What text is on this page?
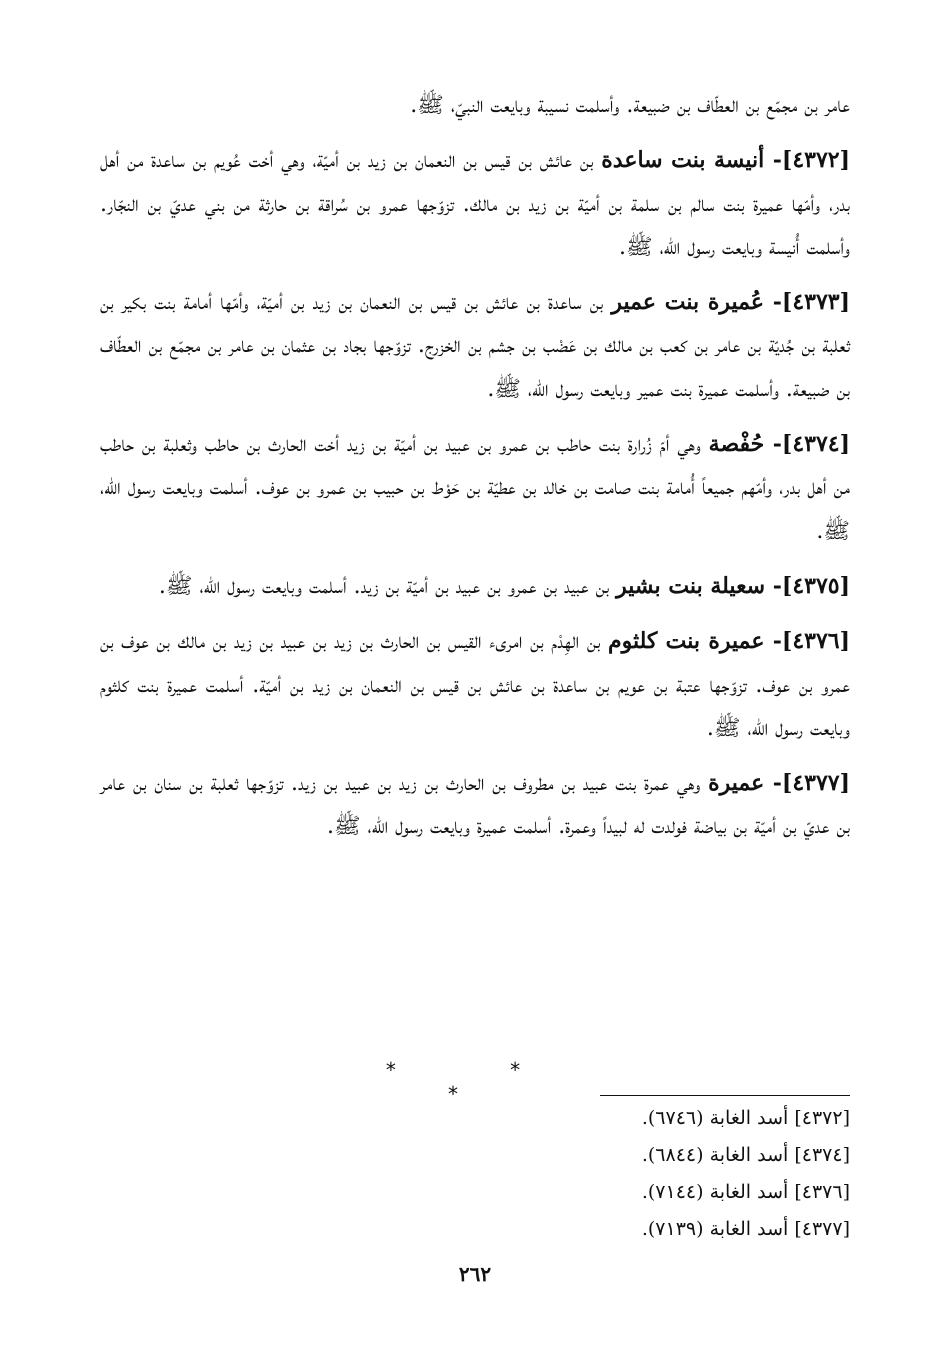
عامر بن مجمّع بن العطّاف بن ضبيعة. وأسلمت نسيبة وبايعت النبيّ، ﷺ.

[٤٣٧٢]- أنيسة بنت ساعدة بن عائش بن قيس بن النعمان بن زيد بن أميّة، وهي أخت عُويم بن ساعدة من أهل بدر، وأمّها عميرة بنت سالم بن سلمة بن أميّة بن زيد بن مالك. تزوّجها عمرو بن سُراقة بن حارثة من بني عديّ بن النجّار. وأسلمت أُنيسة وبايعت رسول الله، ﷺ.

[٤٣٧٣]- عُميرة بنت عمير بن ساعدة بن عائش بن قيس بن النعمان بن زيد بن أميّة، وأمّها أمامة بنت بكير بن ثعلبة بن جُديّة بن عامر بن كعب بن مالك بن عَضْب بن جشم بن الخزرج. تزوّجها بجاد بن عثمان بن عامر بن مجمّع بن العطّاف بن ضبيعة. وأسلمت عميرة بنت عمير وبايعت رسول الله، ﷺ.

[٤٣٧٤]- حُفْصة وهي أمّ زُرارة بنت حاطب بن عمرو بن عبيد بن أميّة بن زيد أخت الحارث بن حاطب وثعلبة بن حاطب من أهل بدر، وأمّهم جميعاً أُمامة بنت صامت بن خالد بن عطيّة بن حَوْط بن حبيب بن عمرو بن عوف. أسلمت وبايعت رسول الله، ﷺ.

[٤٣٧٥]- سعيلة بنت بشير بن عبيد بن عمرو بن عبيد بن أميّة بن زيد. أسلمت وبايعت رسول الله، ﷺ.

[٤٣٧٦]- عميرة بنت كلثوم بن الهِدْم بن امرىء القيس بن الحارث بن زيد بن عبيد بن زيد بن مالك بن عوف بن عمرو بن عوف. تزوّجها عتبة بن عويم بن ساعدة بن عائش بن قيس بن النعمان بن زيد بن أميّة. أسلمت عميرة بنت كلثوم وبايعت رسول الله، ﷺ.

[٤٣٧٧]- عميرة وهي عمرة بنت عبيد بن مطروف بن الحارث بن زيد بن عبيد بن زيد. تزوّجها ثعلبة بن سنان بن عامر بن عديّ بن أميّة بن بياضة فولدت له لبيداً وعمرة. أسلمت عميرة وبايعت رسول الله، ﷺ.

* * *
[٤٣٧٢] أسد الغابة (٦٧٤٦).
[٤٣٧٤] أسد الغابة (٦٨٤٤).
[٤٣٧٦] أسد الغابة (٧١٤٤).
[٤٣٧٧] أسد الغابة (٧١٣٩).
٢٦٢
